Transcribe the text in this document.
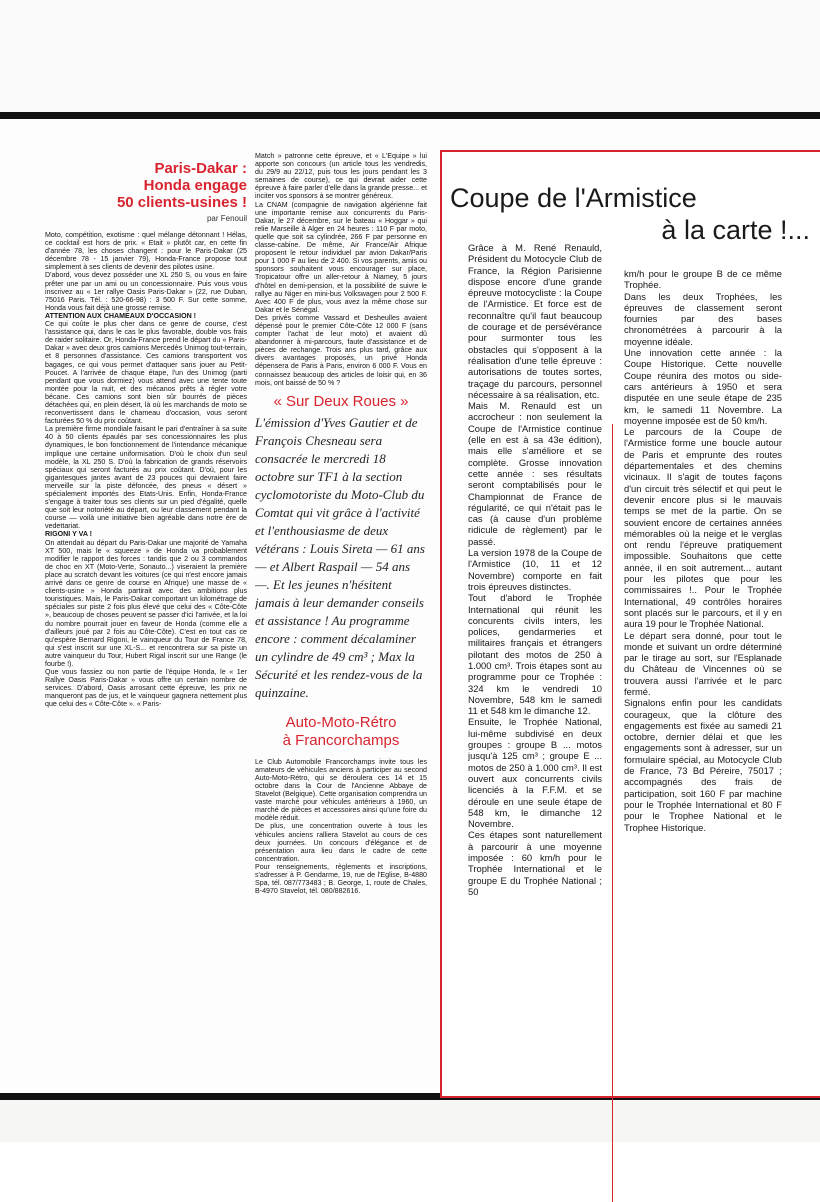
Paris-Dakar :
Honda engage
50 clients-usines !
par Fenouil

Moto, compétition, exotisme : quel mélange détonnant ! Hélas, ce cocktail est hors de prix. « Etait » plutôt car, en cette fin d'année 78, les choses changent : pour le Paris-Dakar (25 décembre 78 - 15 janvier 79), Honda-France propose tout simplement à ses clients de devenir des pilotes usine.

D'abord, vous devez posséder une XL 250 S, ou vous en faire prêter une par un ami ou un concessionnaire. Puis vous vous inscrivez au « 1er rallye Oasis Paris-Dakar » (22, rue Duban, 75016 Paris. Tél. : 520-66-98) : 3 500 F. Sur cette somme, Honda vous fait déjà une grosse remise.

ATTENTION AUX CHAMEAUX D'OCCASION !

Ce qui coûte le plus cher dans ce genre de course, c'est l'assistance qui, dans le cas le plus favorable, double vos frais de raider solitaire. Or, Honda-France prend le départ du « Paris-Dakar » avec deux gros camions Mercedès Unimog tout-terrain, et 8 personnes d'assistance. Ces camions transportent vos bagages, ce qui vous permet d'attaquer sans jouer au Petit-Poucet. A l'arrivée de chaque étape, l'un des Unimog (parti pendant que vous dormiez) vous attend avec une tente toute montée pour la nuit, et des mécanos prêts à régler votre bécane. Ces camions sont bien sûr bourrés de pièces détachées qui, en plein désert, là où les marchands de moto se reconvertissent dans le chameau d'occasion, vous seront facturées 50 % du prix coûtant.

La première firme mondiale faisant le pari d'entraîner à sa suite 40 à 50 clients épaulés par ses concessionnaires les plus dynamiques, le bon fonctionnement de l'intendance mécanique implique une certaine uniformisation. D'où le choix d'un seul modèle, la XL 250 S. D'où la fabrication de grands réservoirs spéciaux qui seront facturés au prix coûtant. D'où, pour les gigantesques jantes avant de 23 pouces qui devraient faire merveille sur la piste défoncée, des pneus « désert » spécialement importés des Etats-Unis. Enfin, Honda-France s'engage à traiter tous ses clients sur un pied d'égalité, quelle que soit leur notoriété au départ, ou leur classement pendant la course — voilà une initiative bien agréable dans notre ère de vedettariat.

RIGONI Y VA !

On attendait au départ du Paris-Dakar une majorité de Yamaha XT 500, mais le « squeeze » de Honda va probablement modifier le rapport des forces : tandis que 2 ou 3 commandos de choc en XT (Moto-Verte, Sonauto...) viseraient la première place au scratch devant les voitures (ce qui n'est encore jamais arrivé dans ce genre de course en Afrique) une masse de « clients-usine » Honda partirait avec des ambitions plus touristiques. Mais, le Paris-Dakar comportant un kilométrage de spéciales sur piste 2 fois plus élevé que celui des « Côte-Côte », beaucoup de choses peuvent se passer d'ici l'arrivée, et la loi du nombre pourrait jouer en faveur de Honda (comme elle a d'ailleurs joué par 2 fois au Côte-Côte). C'est en tout cas ce qu'espère Bernard Rigoni, le vainqueur du Tour de France 78, qui s'est inscrit sur une XL-S... et rencontrera sur sa piste un autre vainqueur du Tour, Hubert Rigal inscrit sur une Range (le fourbe !).

Que vous fassiez ou non partie de l'équipe Honda, le « 1er Rallye Oasis Paris-Dakar » vous offre un certain nombre de services. D'abord, Oasis arrosant cette épreuve, les prix ne manqueront pas de jus, et le vainqueur gagnera nettement plus que celui des « Côte-Côte ». « Paris-

Match » patronne cette épreuve, et « L'Equipe » lui apporte son concours (un article tous les vendredis, du 29/9 au 22/12, puis tous les jours pendant les 3 semaines de course), ce qui devrait aider cette épreuve à faire parler d'elle dans la grande presse... et inciter vos sponsors à se montrer généreux.

La CNAM (compagnie de navigation algérienne fait une importante remise aux concurrents du Paris-Dakar, le 27 décembre, sur le bateau « Hoggar » qui relie Marseille à Alger en 24 heures : 110 F par moto, quelle que soit sa cylindrée, 266 F par personne en classe-cabine. De même, Air France/Air Afrique proposent le retour individuel par avion Dakar/Paris pour 1 000 F au lieu de 2 400. Si vos parents, amis ou sponsors souhaitent vous encourager sur place, Tropicatour offre un aller-retour à Niamey, 5 jours d'hôtel en demi-pension, et la possibilité de suivre le rallye au Niger en mini-bus Volkswagen pour 2 500 F. Avec 400 F de plus, vous avez la même chose sur Dakar et le Sénégal.

Des privés comme Vassard et Desheulles avaient dépensé pour le premier Côte-Côte 12 000 F (sans compter l'achat de leur moto) et avaient dû abandonner à mi-parcours, faute d'assistance et de pièces de rechange. Trois ans plus tard, grâce aux divers avantages proposés, un privé Honda dépensera de Paris à Paris, environ 6 000 F. Vous en connaissez beaucoup des articles de loisir qui, en 36 mois, ont baissé de 50 % ?

« Sur Deux Roues »

L'émission d'Yves Gautier et de François Chesneau sera consacrée le mercredi 18 octobre sur TF1 à la section cyclomotoriste du Moto-Club du Comtat qui vit grâce à l'activité et l'enthousiasme de deux vétérans : Louis Sireta — 61 ans — et Albert Raspail — 54 ans —. Et les jeunes n'hésitent jamais à leur demander conseils et assistance ! Au programme encore : comment décalaminer un cylindre de 49 cm³ ; Max la Sécurité et les rendez-vous de la quinzaine.

Auto-Moto-Rétro
à Francorchamps

Le Club Automobile Francorchamps invite tous les amateurs de véhicules anciens à participer au second Auto-Moto-Rétro, qui se déroulera ces 14 et 15 octobre dans la Cour de l'Ancienne Abbaye de Stavelot (Belgique). Cette organisation comprendra un vaste marché pour véhicules antérieurs à 1960, un marché de pièces et accessoires ainsi qu'une foire du modèle réduit.

De plus, une concentration ouverte à tous les véhicules anciens ralliera Stavelot au cours de ces deux journées. Un concours d'élégance et de présentation aura lieu dans le cadre de cette concentration.

Pour renseignements, règlements et inscriptions, s'adresser à P. Gendarme, 19, rue de l'Eglise, B-4880 Spa, tél. 087/773483 ; B. George, 1, route de Chales, B-4970 Stavelot, tél. 080/882616.

Coupe de l'Armistice
à la carte !...

Grâce à M. René Renauld, Président du Motocycle Club de France, la Région Parisienne dispose encore d'une grande épreuve motocycliste : la Coupe de l'Armistice. Et force est de reconnaître qu'il faut beaucoup de courage et de persévérance pour surmonter tous les obstacles qui s'opposent à la réalisation d'une telle épreuve : autorisations de toutes sortes, traçage du parcours, personnel nécessaire à sa réalisation, etc.

Mais M. Renauld est un accrocheur : non seulement la Coupe de l'Armistice continue (elle en est à sa 43e édition), mais elle s'améliore et se complète. Grosse innovation cette année : ses résultats seront comptabilisés pour le Championnat de France de régularité, ce qui n'était pas le cas (à cause d'un problème ridicule de règlement) par le passé.

La version 1978 de la Coupe de l'Armistice (10, 11 et 12 Novembre) comporte en fait trois épreuves distinctes.

Tout d'abord le Trophée International qui réunit les concurents civils inters, les polices, gendarmeries et militaires français et étrangers pilotant des motos de 250 à 1.000 cm³. Trois étapes sont au programme pour ce Trophée : 324 km le vendredi 10 Novembre, 548 km le samedi 11 et 548 km le dimanche 12.

Ensuite, le Trophée National, lui-même subdivisé en deux groupes : groupe B ... motos jusqu'à 125 cm³ ; groupe E ... motos de 250 à 1.000 cm³. Il est ouvert aux concurrents civils licenciés à la F.F.M. et se déroule en une seule étape de 548 km, le dimanche 12 Novembre.

Ces étapes sont naturellement à parcourir à une moyenne imposée : 60 km/h pour le Trophée International et le groupe E du Trophée National ; 50

km/h pour le groupe B de ce même Trophée.

Dans les deux Trophées, les épreuves de classement seront fournies par des bases chronométrées à parcourir à la moyenne idéale.

Une innovation cette année : la Coupe Historique. Cette nouvelle Coupe réunira des motos ou side-cars antérieurs à 1950 et sera disputée en une seule étape de 235 km, le samedi 11 Novembre. La moyenne imposée est de 50 km/h.

Le parcours de la Coupe de l'Armistice forme une boucle autour de Paris et emprunte des routes départementales et des chemins vicinaux. Il s'agit de toutes façons d'un circuit très sélectif et qui peut le devenir encore plus si le mauvais temps se met de la partie. On se souvient encore de certaines années mémorables où la neige et le verglas ont rendu l'épreuve pratiquement impossible. Souhaitons que cette année, il en soit autrement... autant pour les pilotes que pour les commissaires !.. Pour le Trophée International, 49 contrôles horaires sont placés sur le parcours, et il y en aura 19 pour le Trophée National.

Le départ sera donné, pour tout le monde et suivant un ordre déterminé par le tirage au sort, sur l'Esplanade du Château de Vincennes où se trouvera aussi l'arrivée et le parc fermé.

Signalons enfin pour les candidats courageux, que la clôture des engagements est fixée au samedi 21 octobre, dernier délai et que les engagements sont à adresser, sur un formulaire spécial, au Motocycle Club de France, 73 Bd Péreire, 75017 ; accompagnés des frais de participation, soit 160 F par machine pour le Trophée International et 80 F pour le Trophee National et le Trophee Historique.
